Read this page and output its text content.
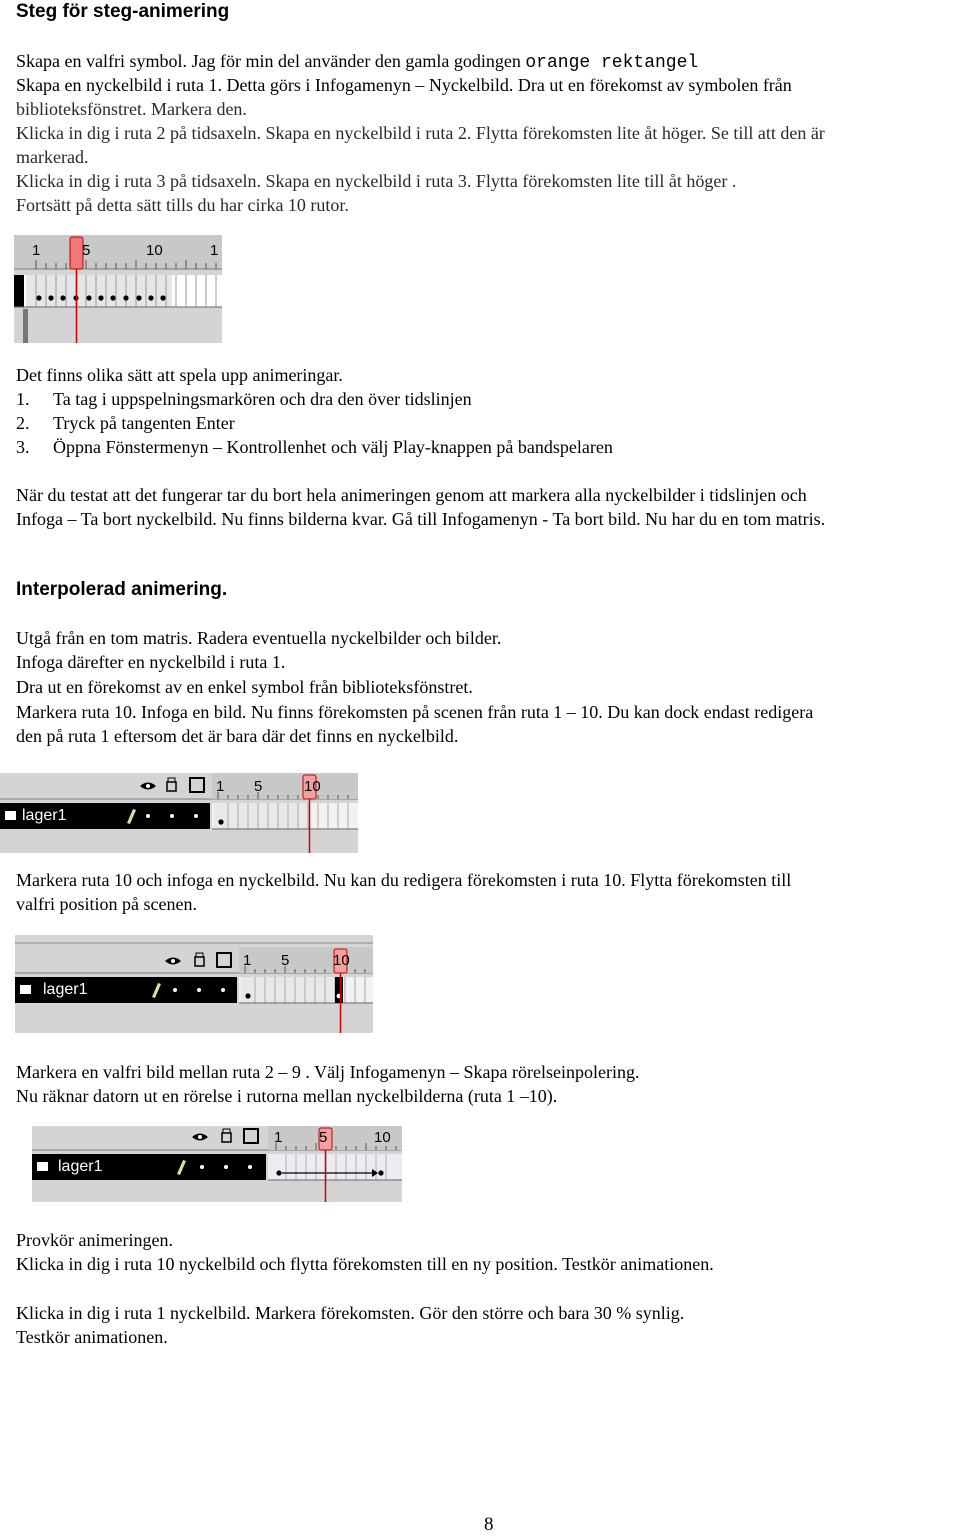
Steg för steg-animering
Skapa en valfri symbol. Jag för min del använder den gamla godingen orange rektangel
Skapa en nyckelbild i ruta 1. Detta görs i Infogamenyn – Nyckelbild. Dra ut en förekomst av symbolen från
biblioteksfönstret. Markera den.
Klicka in dig i ruta 2 på tidsaxeln. Skapa en nyckelbild i ruta 2. Flytta förekomsten lite åt höger. Se till att den är
markerad.
Klicka in dig i ruta 3 på tidsaxeln. Skapa en nyckelbild i ruta 3. Flytta förekomsten lite till åt höger .
Fortsätt på detta sätt tills du har cirka 10 rutor.
1	5	10	1
Det finns olika sätt att spela upp animeringar.
1. Ta tag i uppspelningsmarkören och dra den över tidslinjen
2. Tryck på tangenten Enter
3. Öppna Fönstermenyn – Kontrollenhet och välj Play-knappen på bandspelaren
När du testat att det fungerar tar du bort hela animeringen genom att markera alla nyckelbilder i tidslinjen och
Infoga – Ta bort nyckelbild. Nu finns bilderna kvar. Gå till Infogamenyn - Ta bort bild. Nu har du en tom matris.
Interpolerad animering.
Utgå från en tom matris. Radera eventuella nyckelbilder och bilder.
Infoga därefter en nyckelbild i ruta 1.
Dra ut en förekomst av en enkel symbol från biblioteksfönstret.
Markera ruta 10. Infoga en bild. Nu finns förekomsten på scenen från ruta 1 – 10. Du kan dock endast redigera
den på ruta 1 eftersom det är bara där det finns en nyckelbild.
1 5	10
lager1
Markera ruta 10 och infoga en nyckelbild. Nu kan du redigera förekomsten i ruta 10. Flytta förekomsten till
valfri position på scenen.
1 5	10
lager1
Markera en valfri bild mellan ruta 2 – 9 . Välj Infogamenyn – Skapa rörelseinpolering.
Nu räknar datorn ut en rörelse i rutorna mellan nyckelbilderna (ruta 1 –10).
1 5	10
lager1
Provkör animeringen.
Klicka in dig i ruta 10 nyckelbild och flytta förekomsten till en ny position. Testkör animationen.
Klicka in dig i ruta 1 nyckelbild. Markera förekomsten. Gör den större och bara 30 % synlig.
Testkör animationen.
8
